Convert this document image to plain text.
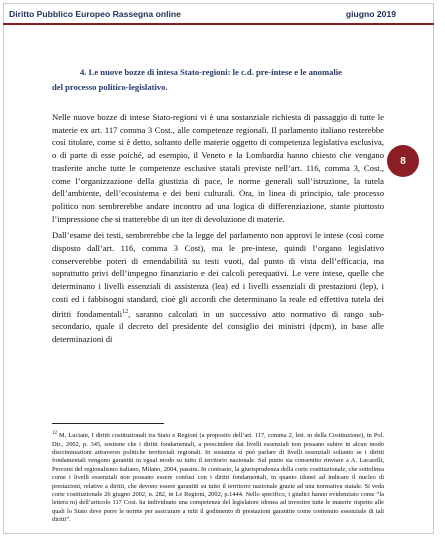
Diritto Pubblico Europeo Rassegna online	giugno 2019
4. Le nuove bozze di intesa Stato-regioni: le c.d. pre-intese e le anomalie
del processo politico-legislativo.
8

Nelle nuove bozze di intese Stato-regioni vi è una sostanziale richiesta di passaggio di tutte le materie ex art. 117 comma 3 Cost., alle competenze regionali. Il parlamento italiano resterebbe così titolare, come si è detto, soltanto delle materie oggetto di competenza legislativa esclusiva, o di parte di esse poiché, ad esempio, il Veneto e la Lombardia hanno chiesto che vengano trasferite anche tutte le competenze esclusive statali previste nell’art. 116, comma 3, Cost., come l’organizzazione della giustizia di pace, le norme generali sull’istruzione, la tutela dell’ambiente, dell’ecosistema e dei beni culturali. Ora, in linea di principio, tale processo politico non sembrerebbe andare incontro ad una logica di differenziazione, stante piuttosto l’impressione che si tratterebbe di un iter di devoluzione di materie.

Dall’esame dei testi, sembrerebbe che la legge del parlamento non approvi le intese (così come disposto dall’art. 116, comma 3 Cost), ma le pre-intese, quindi l’organo legislativo conserverebbe poteri di emendabilità su testi vuoti, dal punto di vista dell’efficacia, ma soprattutto privi dell’impegno finanziario e dei calcoli perequativi. Le vere intese, quelle che determinano i livelli essenziali di assistenza (lea) ed i livelli essenziali di prestazioni (lep), i costi ed i fabbisogni standard, cioè gli accordi che determinano la reale ed effettiva tutela dei diritti fondamentali$^{12}$, saranno calcolati in un successivo atto normativo di rango sub-secondario, quale il decreto del presidente del consiglio dei ministri (dpcm), in base alle determinazioni di

$^{12}$ M. Luciani, I diritti costituzionali tra Stato e Regioni (a proposito dell’art. 117, comma 2, lett. m della Costituzione), in Pol. Dir., 2002, p. 345, sostiene che i diritti fondamentali, a prescindere dai livelli essenziali non possano subire in alcun modo discriminazioni attraverso politiche territoriali regionali. In sostanza si può parlare di livelli essenziali soltanto se i diritti fondamentali vengono garantiti in egual modo su tutto il territorio nazionale. Sul punto sia consentito rinviare a A. Lucarelli, Percorsi del regionalismo italiano, Milano, 2004, passim. In contrasto, la giurisprudenza della corte costituzionale, che sottolinea come i livelli essenziali non possano essere confusi con i diritti fondamentali, in quanto idonei ad indicare il nucleo di prestazioni, relative a diritti, che devono essere garantiti su tutto il territorio nazionale grazie ad una normativa statale. Si veda corte costituzionale 26 giugno 2002, n. 282, in Le Regioni, 2002, p.1444. Nello specifico, i giudici hanno evidenziato come “la lettera m) dell’articolo 117 Cost. ha individuato una competenza del legislatore idonea ad investire tutte le materie rispetto alle quali lo Stato deve porre le norme per assicurare a tutti il godimento di prestazioni garantite come contenuto essenziale di tali diritti”.
